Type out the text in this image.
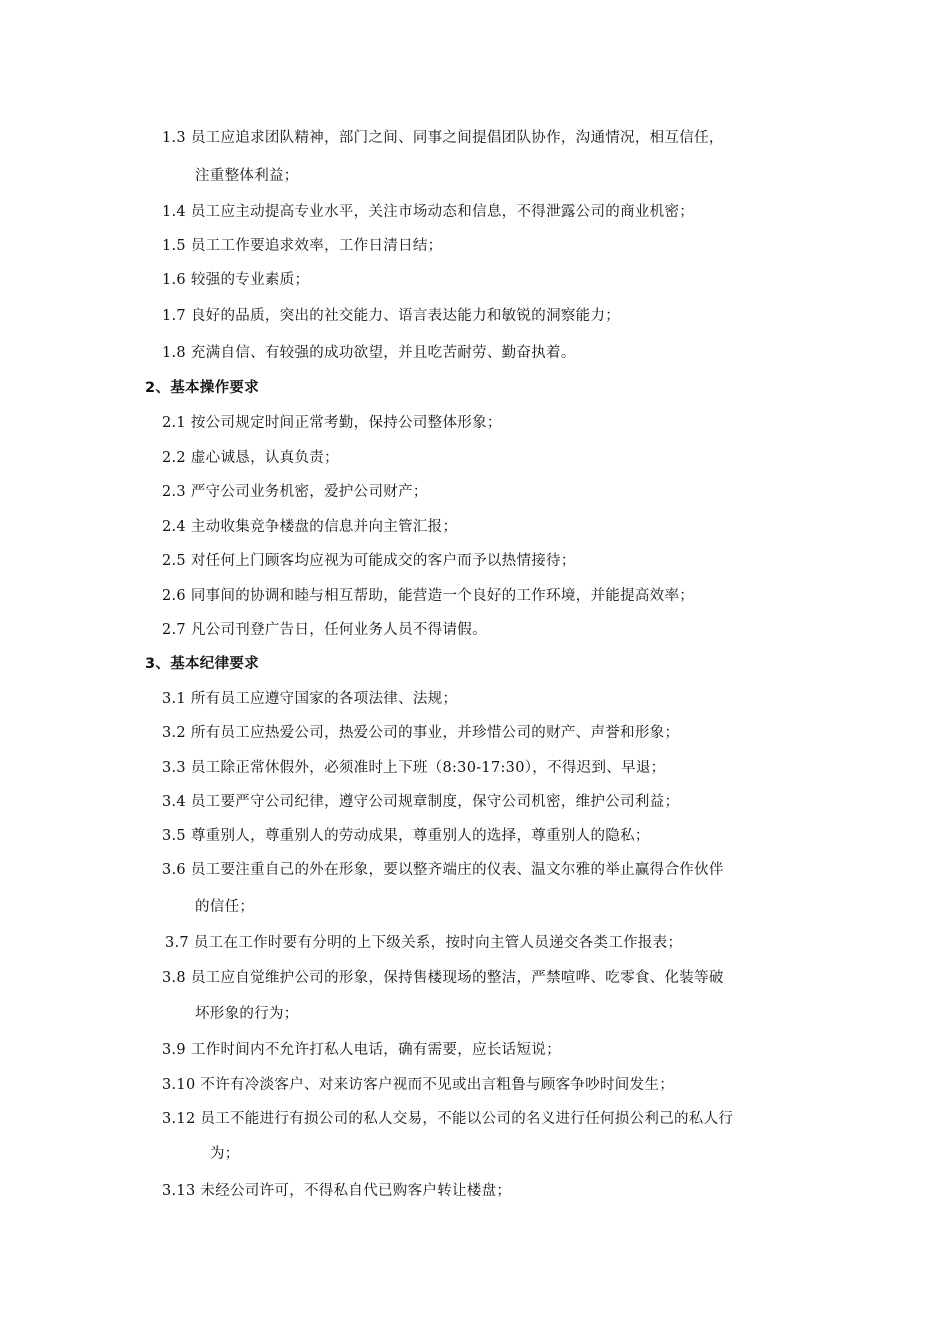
1.3 员工应追求团队精神，部门之间、同事之间提倡团队协作，沟通情况，相互信任，
注重整体利益；
1.4 员工应主动提高专业水平，关注市场动态和信息，不得泄露公司的商业机密；
1.5 员工工作要追求效率，工作日清日结；
1.6 较强的专业素质；
1.7 良好的品质，突出的社交能力、语言表达能力和敏锐的洞察能力；
1.8 充满自信、有较强的成功欲望，并且吃苦耐劳、勤奋执着。
2、基本操作要求
2.1 按公司规定时间正常考勤，保持公司整体形象；
2.2 虚心诚恳，认真负责；
2.3 严守公司业务机密，爱护公司财产；
2.4 主动收集竞争楼盘的信息并向主管汇报；
2.5 对任何上门顾客均应视为可能成交的客户而予以热情接待；
2.6 同事间的协调和睦与相互帮助，能营造一个良好的工作环境，并能提高效率；
2.7 凡公司刊登广告日，任何业务人员不得请假。
3、基本纪律要求
3.1 所有员工应遵守国家的各项法律、法规；
3.2 所有员工应热爱公司，热爱公司的事业，并珍惜公司的财产、声誉和形象；
3.3 员工除正常休假外，必须准时上下班（8:30-17:30），不得迟到、早退；
3.4 员工要严守公司纪律，遵守公司规章制度，保守公司机密，维护公司利益；
3.5 尊重别人，尊重别人的劳动成果，尊重别人的选择，尊重别人的隐私；
3.6 员工要注重自己的外在形象，要以整齐端庄的仪表、温文尔雅的举止赢得合作伙伴
的信任；
3.7 员工在工作时要有分明的上下级关系，按时向主管人员递交各类工作报表；
3.8 员工应自觉维护公司的形象，保持售楼现场的整洁，严禁喧哗、吃零食、化装等破
坏形象的行为；
3.9 工作时间内不允许打私人电话，确有需要，应长话短说；
3.10 不许有冷淡客户、对来访客户视而不见或出言粗鲁与顾客争吵时间发生；
3.12 员工不能进行有损公司的私人交易，不能以公司的名义进行任何损公利己的私人行
为；
3.13 未经公司许可，不得私自代已购客户转让楼盘；
